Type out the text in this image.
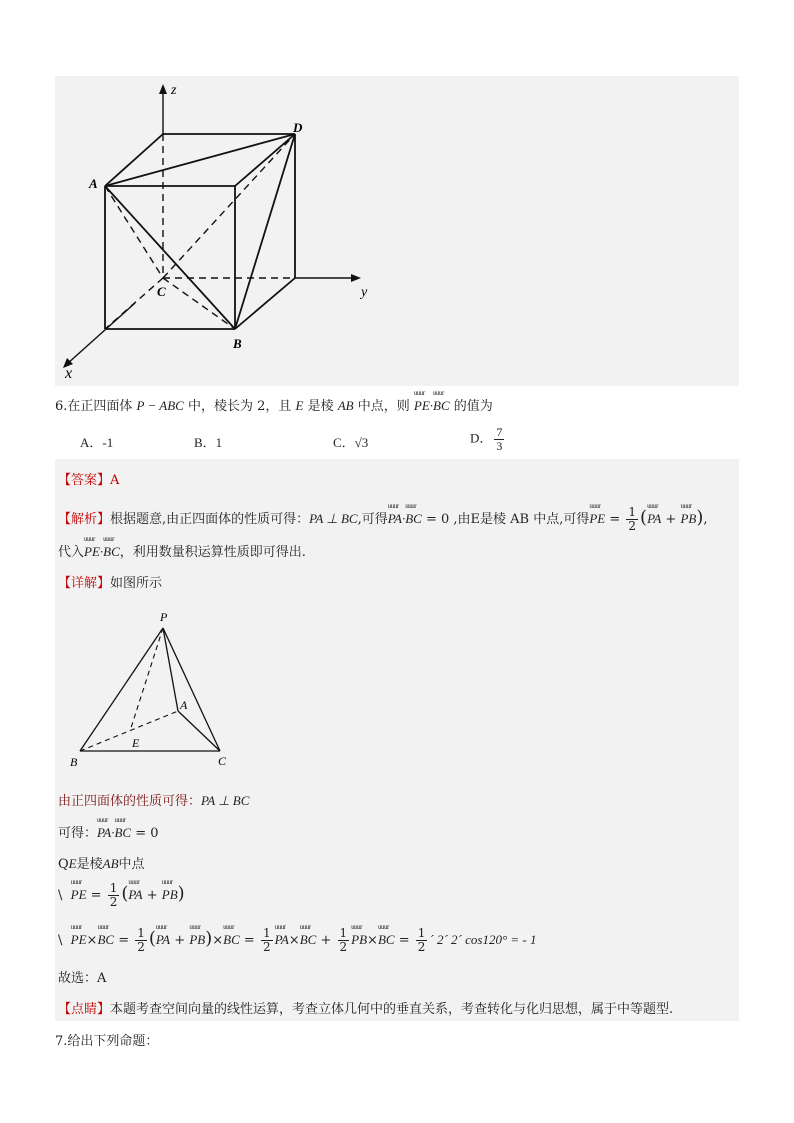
z
y
x
A
D
C
B
6.在正四面体 P − ABC 中，棱长为 2，且 E 是棱 AB 中点，则 uuur PE·uuur BC 的值为
A．-1	B．1	C．√3	D． $\frac{7}{3}$
【答案】A
【解析】根据题意,由正四面体的性质可得：PA ⊥ BC,可得uuur PA·uuur BC = 0 ,由E是棱 AB 中点,可得uuur PE = $\frac{1}{2}$ (uuur PA + uuur PB),
代入uuur PE·uuur BC，利用数量积运算性质即可得出.
【详解】如图所示
P
A
E
B	C
由正四面体的性质可得：PA ⊥ BC
可得：uuur PA·uuur BC = 0
QE是棱AB中点
\ uuur PE = $\frac{1}{2}$ (uuur PA + uuur PB)
\ uuur PE×uuur BC = $\frac{1}{2}$ (uuur PA + uuur PB)×uuur BC = $\frac{1}{2}$ uuur PA×uuur BC + $\frac{1}{2}$ uuur PB×uuur BC = $\frac{1}{2}$ ´ 2´ 2´ cos120° = - 1
故选：A
【点睛】本题考查空间向量的线性运算，考查立体几何中的垂直关系，考查转化与化归思想，属于中等题型.
7.给出下列命题：
